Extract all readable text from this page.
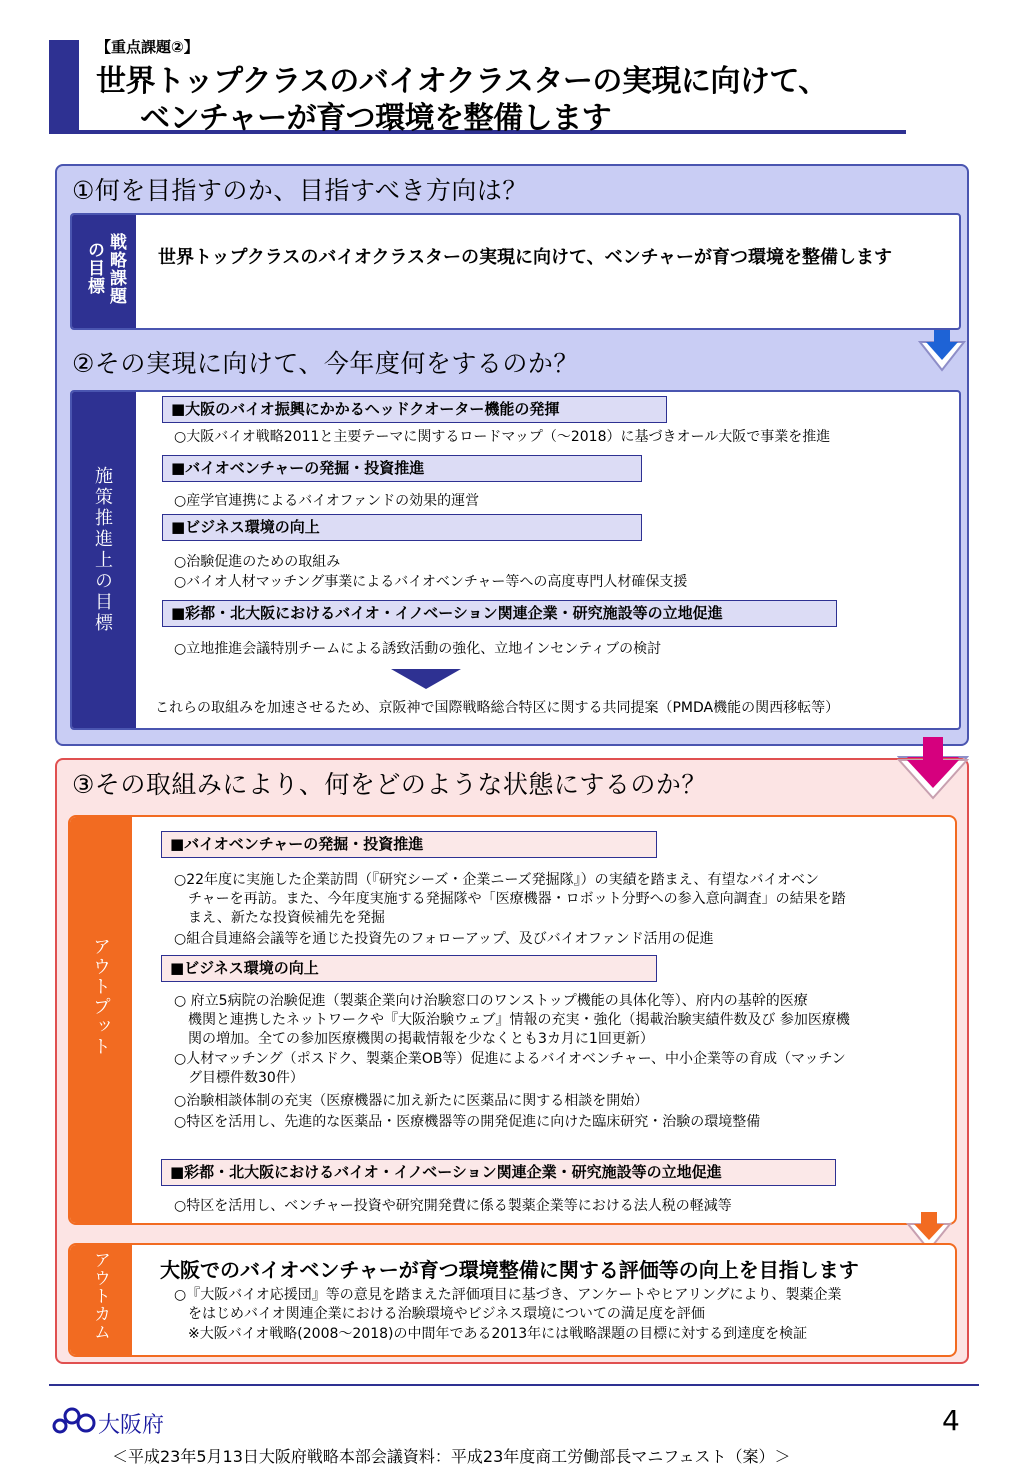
【重点課題②】
世界トップクラスのバイオクラスターの実現に向けて、
ベンチャーが育つ環境を整備します
①何を目指すのか、目指すべき方向は？
戦略課題
の目標	世界トップクラスのバイオクラスターの実現に向けて、ベンチャーが育つ環境を整備します
②その実現に向けて、今年度何をするのか？
施策推進上の目標
■大阪のバイオ振興にかかるヘッドクオーター機能の発揮
○大阪バイオ戦略2011と主要テーマに関するロードマップ（～2018）に基づきオール大阪で事業を推進
■バイオベンチャーの発掘・投資推進
○産学官連携によるバイオファンドの効果的運営
■ビジネス環境の向上
○治験促進のための取組み
○バイオ人材マッチング事業によるバイオベンチャー等への高度専門人材確保支援
■彩都・北大阪におけるバイオ・イノベーション関連企業・研究施設等の立地促進
○立地推進会議特別チームによる誘致活動の強化、立地インセンティブの検討
これらの取組みを加速させるため、京阪神で国際戦略総合特区に関する共同提案（PMDA機能の関西移転等）
③その取組みにより、何をどのような状態にするのか？
アウトプット
■バイオベンチャーの発掘・投資推進
○22年度に実施した企業訪問（『研究シーズ・企業ニーズ発掘隊』）の実績を踏まえ、有望なバイオベン
　チャーを再訪。また、今年度実施する発掘隊や「医療機器・ロボット分野への参入意向調査」の結果を踏
　まえ、新たな投資候補先を発掘
○組合員連絡会議等を通じた投資先のフォローアップ、及びバイオファンド活用の促進
■ビジネス環境の向上
○ 府立5病院の治験促進（製薬企業向け治験窓口のワンストップ機能の具体化等）、府内の基幹的医療
　機関と連携したネットワークや『大阪治験ウェブ』情報の充実・強化（掲載治験実績件数及び 参加医療機
　関の増加。全ての参加医療機関の掲載情報を少なくとも3カ月に1回更新）
○人材マッチング（ポスドク、製薬企業OB等）促進によるバイオベンチャー、中小企業等の育成（マッチン
　グ目標件数30件）
○治験相談体制の充実（医療機器に加え新たに医薬品に関する相談を開始）
○特区を活用し、先進的な医薬品・医療機器等の開発促進に向けた臨床研究・治験の環境整備
■彩都・北大阪におけるバイオ・イノベーション関連企業・研究施設等の立地促進
○特区を活用し、ベンチャー投資や研究開発費に係る製薬企業等における法人税の軽減等
アウトカム	大阪でのバイオベンチャーが育つ環境整備に関する評価等の向上を目指します
○『大阪バイオ応援団』等の意見を踏まえた評価項目に基づき、アンケートやヒアリングにより、製薬企業
　をはじめバイオ関連企業における治験環境やビジネス環境についての満足度を評価
　※大阪バイオ戦略(2008～2018)の中間年である2013年には戦略課題の目標に対する到達度を検証
大阪府	4
＜平成23年5月13日大阪府戦略本部会議資料：平成23年度商工労働部長マニフェスト（案）＞
